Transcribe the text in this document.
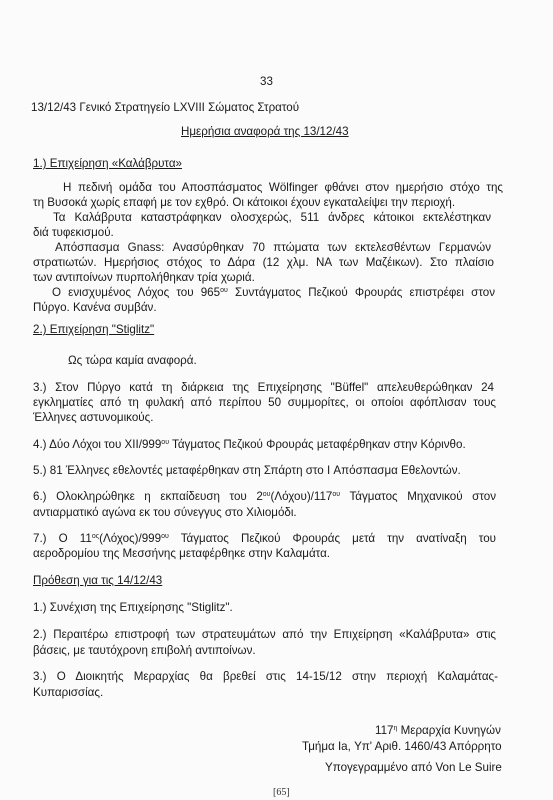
33
13/12/43 Γενικό Στρατηγείο LXVIII Σώματος Στρατού
Ημερήσια αναφορά της 13/12/43
1.) Επιχείρηση «Καλάβρυτα»
Η πεδινή ομάδα του Αποσπάσματος Wölfinger φθάνει στον ημερήσιο στόχο της
τη Βυσοκά χωρίς επαφή με τον εχθρό. Οι κάτοικοι έχουν εγκαταλείψει την περιοχή.
Τα Καλάβρυτα καταστράφηκαν ολοσχερώς, 511 άνδρες κάτοικοι εκτελέστηκαν
διά τυφεκισμού.
Απόσπασμα Gnass: Ανασύρθηκαν 70 πτώματα των εκτελεσθέντων Γερμανών
στρατιωτών. Ημερήσιος στόχος το Δάρα (12 χλμ. ΝΑ των Μαζέικων). Στο πλαίσιο
των αντιποίνων πυρπολήθηκαν τρία χωριά.
Ο ενισχυμένος Λόχος του $965^{o\upsilon}$ Συντάγματος Πεζικού Φρουράς επιστρέφει στον
Πύργο. Κανένα συμβάν.
2.) Επιχείρηση "Stiglitz"
Ως τώρα καμία αναφορά.
3.) Στον Πύργο κατά τη διάρκεια της Επιχείρησης "Büffel" απελευθερώθηκαν 24
εγκληματίες από τη φυλακή από περίπου 50 συμμορίτες, οι οποίοι αφόπλισαν τους
Έλληνες αστυνομικούς.
4.) Δύο Λόχοι του XII/$999^{o\upsilon}$ Τάγματος Πεζικού Φρουράς μεταφέρθηκαν στην Κόρινθο.
5.) 81 Έλληνες εθελοντές μεταφέρθηκαν στη Σπάρτη στο I Απόσπασμα Εθελοντών.
6.) Ολοκληρώθηκε η εκπαίδευση του $2^{o\upsilon}(\Lambda ό\chi o\upsilon)/117^{o\upsilon}$ Τάγματος Μηχανικού στον
αντιαρματικό αγώνα εκ του σύνεγγυς στο Χιλιομόδι.
7.) Ο $11^{o\varsigma}(\Lambda ό\chi o\varsigma)/999^{o\upsilon}$ Τάγματος Πεζικού Φρουράς μετά την ανατίναξη του
αεροδρομίου της Μεσσήνης μεταφέρθηκε στην Καλαμάτα.
Πρόθεση για τις 14/12/43
1.) Συνέχιση της Επιχείρησης "Stiglitz".
2.) Περαιτέρω επιστροφή των στρατευμάτων από την Επιχείρηση «Καλάβρυτα» στις
βάσεις, με ταυτόχρονη επιβολή αντιποίνων.
3.) Ο Διοικητής Μεραρχίας θα βρεθεί στις 14-15/12 στην περιοχή Καλαμάτας-
Κυπαρισσίας.
$117^\eta$ Μεραρχία Κυνηγών
Τμήμα Ia, Υπ' Αριθ. 1460/43 Απόρρητο
Υπογεγραμμένο από Von Le Suire
[65]
